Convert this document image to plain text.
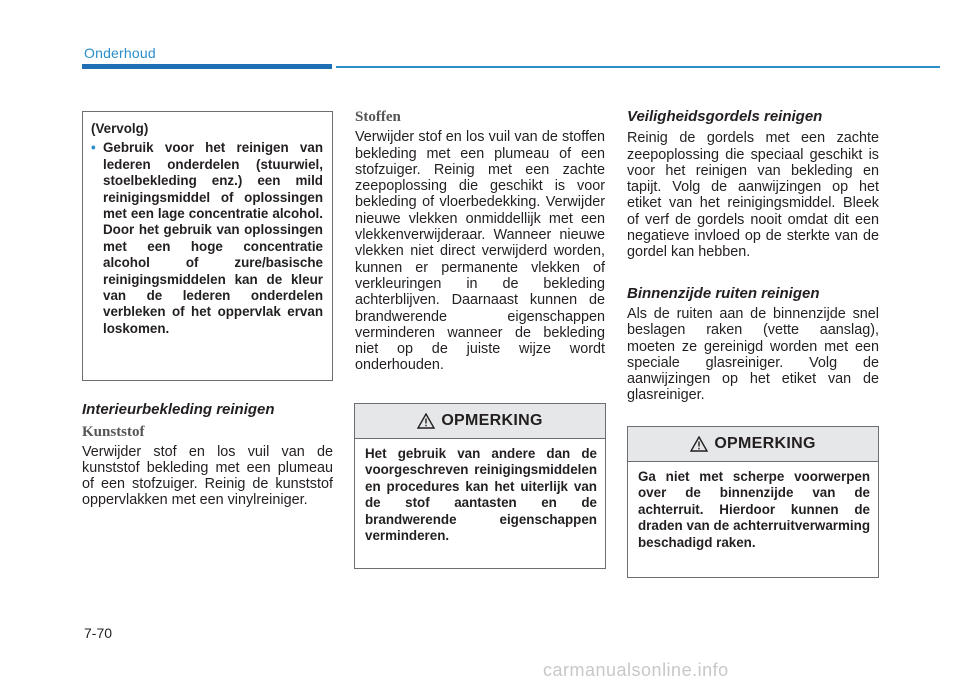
Onderhoud

(Vervolg)

• Gebruik voor het reinigen van lederen onderdelen (stuurwiel, stoelbekleding enz.) een mild reinigingsmiddel of oplossingen met een lage concentratie alcohol. Door het gebruik van oplossingen met een hoge concentratie alcohol of zure/basische reinigingsmiddelen kan de kleur van de lederen onderdelen verbleken of het oppervlak ervan loskomen.

Interieurbekleding reinigen

Kunststof

Verwijder stof en los vuil van de kunststof bekleding met een plumeau of een stofzuiger. Reinig de kunststof oppervlakken met een vinylreiniger.

Stoffen

Verwijder stof en los vuil van de stoffen bekleding met een plumeau of een stofzuiger. Reinig met een zachte zeepoplossing die geschikt is voor bekleding of vloerbedekking. Verwijder nieuwe vlekken onmiddellijk met een vlekkenverwijderaar. Wanneer nieuwe vlekken niet direct verwijderd worden, kunnen er permanente vlekken of verkleuringen in de bekleding achterblijven. Daarnaast kunnen de brandwerende eigenschappen verminderen wanneer de bekleding niet op de juiste wijze wordt onderhouden.

OPMERKING

Het gebruik van andere dan de voorgeschreven reinigingsmiddelen en procedures kan het uiterlijk van de stof aantasten en de brandwerende eigenschappen verminderen.

Veiligheidsgordels reinigen

Reinig de gordels met een zachte zeepoplossing die speciaal geschikt is voor het reinigen van bekleding en tapijt. Volg de aanwijzingen op het etiket van het reinigingsmiddel. Bleek of verf de gordels nooit omdat dit een negatieve invloed op de sterkte van de gordel kan hebben.

Binnenzijde ruiten reinigen

Als de ruiten aan de binnenzijde snel beslagen raken (vette aanslag), moeten ze gereinigd worden met een speciale glasreiniger. Volg de aanwijzingen op het etiket van de glasreiniger.

OPMERKING

Ga niet met scherpe voorwerpen over de binnenzijde van de achterruit. Hierdoor kunnen de draden van de achterruitverwarming beschadigd raken.

7-70
carmanualsonline.info
